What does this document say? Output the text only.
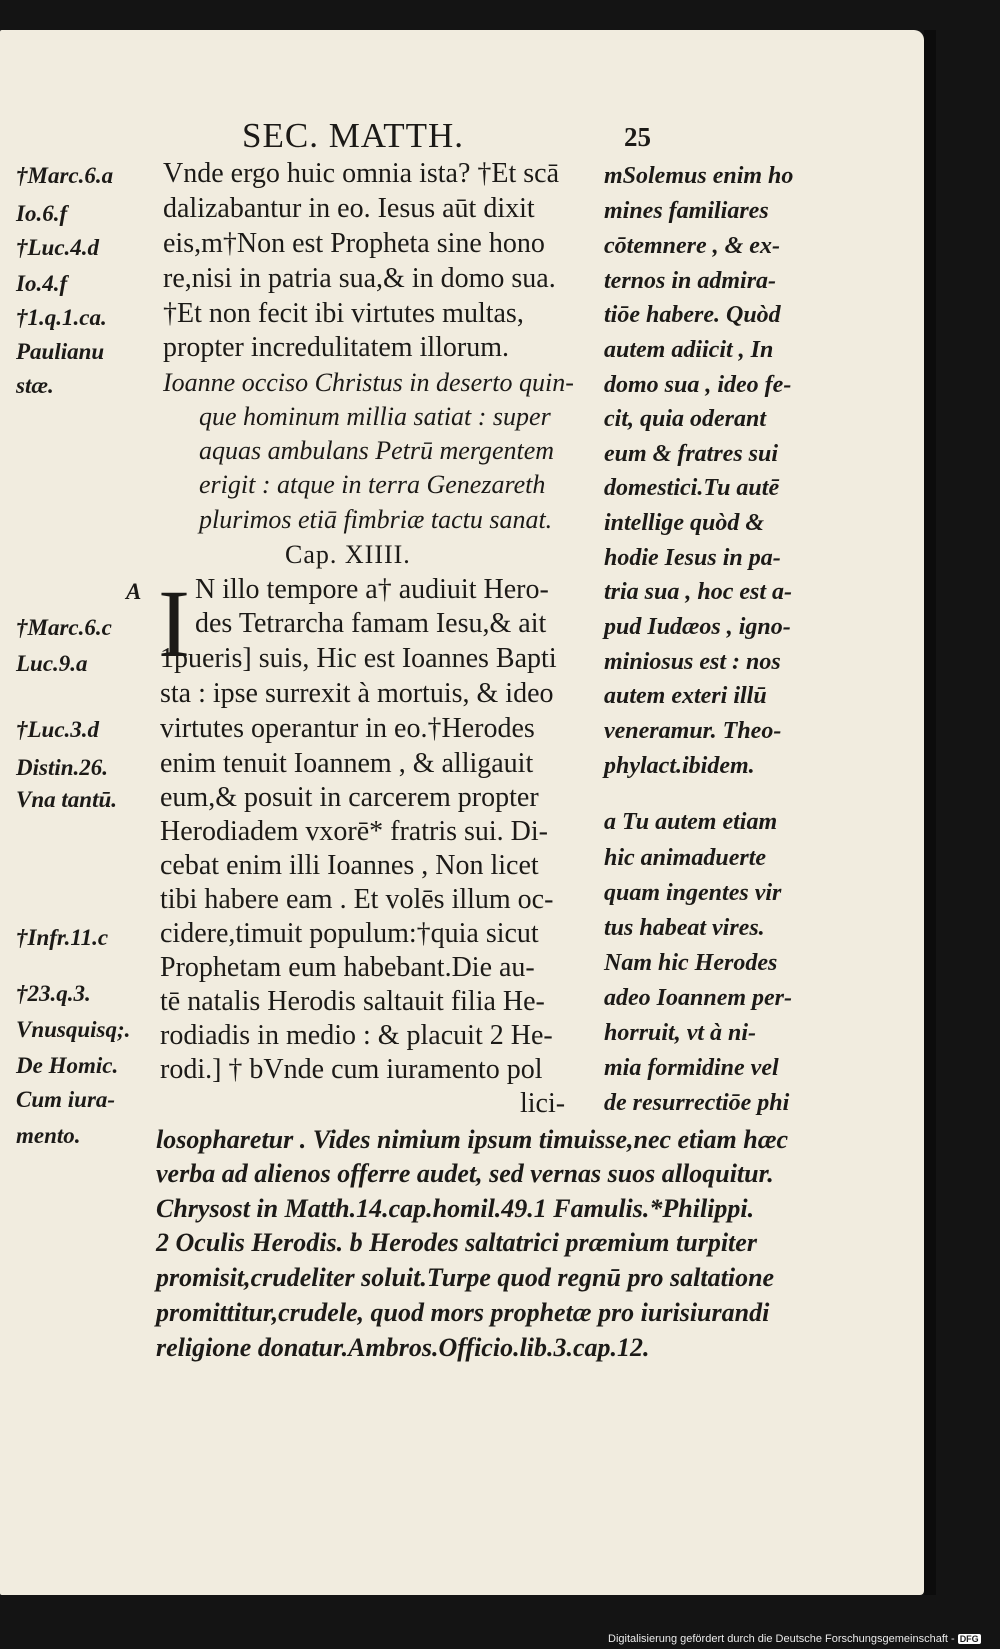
SEC. MATTH.	25
†Marc.6.a
Io.6.f
†Luc.4.d
Io.4.f
†1.q.1.ca.
Paulianu
stæ.
A
†Marc.6.c
Luc.9.a
†Luc.3.d
Distin.26.
Vna tantū.
†Infr.11.c
†23.q.3.
Vnusquisq;.
De Homic.
Cum iura-
mento.
Vnde ergo huic omnia ista? †Et scā
dalizabantur in eo. Iesus aūt dixit
eis,m†Non est Propheta sine hono
re,nisi in patria sua,& in domo sua.
†Et non fecit ibi virtutes multas,
propter incredulitatem illorum.
Ioanne occiso Christus in deserto quin-
que hominum millia satiat : super
aquas ambulans Petrū mergentem
erigit : atque in terra Genezareth
plurimos etiā fimbriæ tactu sanat.
Cap. XIIII.
I N illo tempore a† audiuit Hero-
des Tetrarcha famam Iesu,& ait
1pueris] suis, Hic est Ioannes Bapti
sta : ipse surrexit à mortuis, & ideo
virtutes operantur in eo.†Herodes
enim tenuit Ioannem , & alligauit
eum,& posuit in carcerem propter
Herodiadem vxorē* fratris sui. Di-
cebat enim illi Ioannes , Non licet
tibi habere eam . Et volēs illum oc-
cidere,timuit populum:†quia sicut
Prophetam eum habebant.Die au-
tē natalis Herodis saltauit filia He-
rodiadis in medio : & placuit 2 He-
rodi.] † bVnde cum iuramento pol
lici-
mSolemus enim ho
mines familiares
cōtemnere , & ex-
ternos in admira-
tiōe habere. Quòd
autem adiicit , In
domo sua , ideo fe-
cit, quia oderant
eum & fratres sui
domestici.Tu autē
intellige quòd &
hodie Iesus in pa-
tria sua , hoc est a-
pud Iudæos , igno-
miniosus est : nos
autem exteri illū
veneramur. Theo-
phylact.ibidem.
a Tu autem etiam
hic animaduerte
quam ingentes vir
tus habeat vires.
Nam hic Herodes
adeo Ioannem per-
horruit, vt à ni-
mia formidine vel
de resurrectiōe phi
losopharetur . Vides nimium ipsum timuisse,nec etiam hæc
verba ad alienos offerre audet, sed vernas suos alloquitur.
Chrysost in Matth.14.cap.homil.49.1 Famulis.*Philippi.
2 Oculis Herodis. b Herodes saltatrici præmium turpiter
promisit,crudeliter soluit.Turpe quod regnū pro saltatione
promittitur,crudele, quod mors prophetæ pro iurisiurandi
religione donatur.Ambros.Officio.lib.3.cap.12.
Digitalisierung gefördert durch die Deutsche Forschungsgemeinschaft - DFG
